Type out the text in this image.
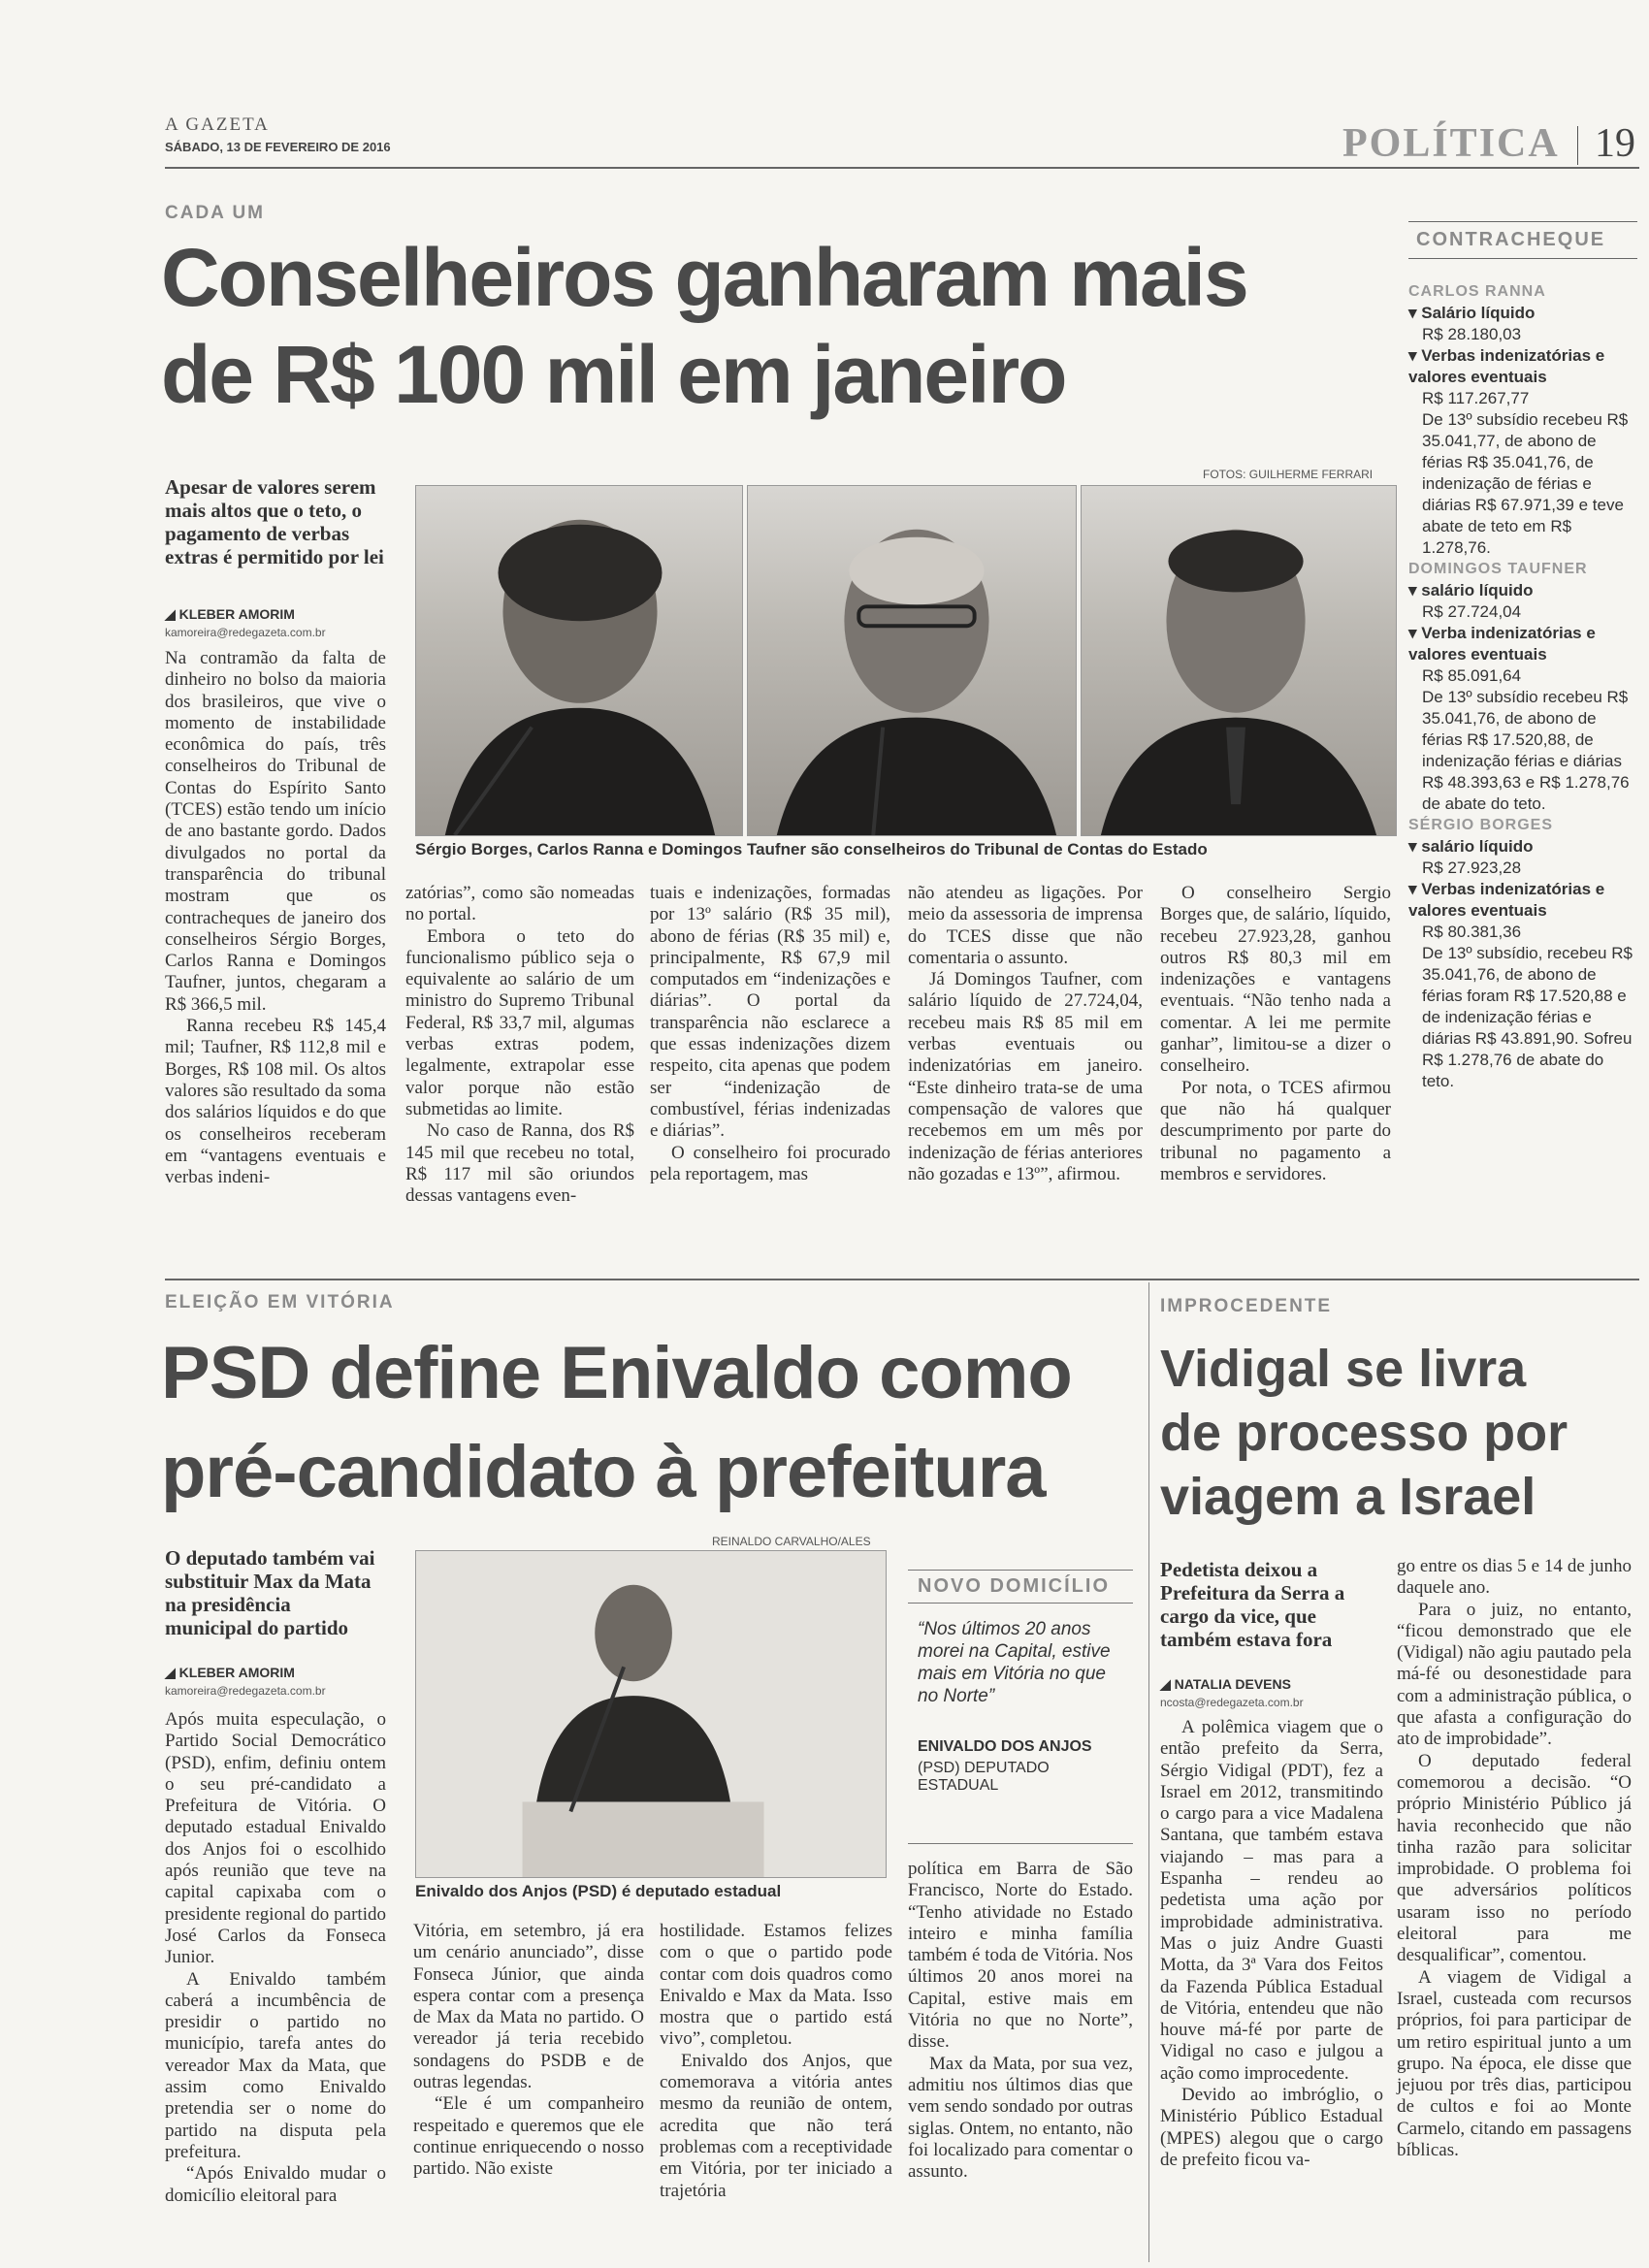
A GAZETA
SÁBADO, 13 DE FEVEREIRO DE 2016	POLÍTICA 19
CADA UM
Conselheiros ganharam mais
de R$ 100 mil em janeiro
Apesar de valores serem mais altos que o teto, o pagamento de verbas extras é permitido por lei
◢ KLEBER AMORIM
kamoreira@redegazeta.com.br
FOTOS: GUILHERME FERRARI
Sérgio Borges, Carlos Ranna e Domingos Taufner são conselheiros do Tribunal de Contas do Estado

Na contramão da falta de dinheiro no bolso da maioria dos brasileiros, que vive o momento de instabilidade econômica do país, três conselheiros do Tribunal de Contas do Espírito Santo (TCES) estão tendo um início de ano bastante gordo. Dados divulgados no portal da transparência do tribunal mostram que os contracheques de janeiro dos conselheiros Sérgio Borges, Carlos Ranna e Domingos Taufner, juntos, chegaram a R$ 366,5 mil.

Ranna recebeu R$ 145,4 mil; Taufner, R$ 112,8 mil e Borges, R$ 108 mil. Os altos valores são resultado da soma dos salários líquidos e do que os conselheiros receberam em “vantagens eventuais e verbas indeni-

zatórias”, como são nomeadas no portal.

Embora o teto do funcionalismo público seja o equivalente ao salário de um ministro do Supremo Tribunal Federal, R$ 33,7 mil, algumas verbas extras podem, legalmente, extrapolar esse valor porque não estão submetidas ao limite.

No caso de Ranna, dos R$ 145 mil que recebeu no total, R$ 117 mil são oriundos dessas vantagens even-

tuais e indenizações, formadas por 13º salário (R$ 35 mil), abono de férias (R$ 35 mil) e, principalmente, R$ 67,9 mil computados em “indenizações e diárias”. O portal da transparência não esclarece a que essas indenizações dizem respeito, cita apenas que podem ser “indenização de combustível, férias indenizadas e diárias”.

O conselheiro foi procurado pela reportagem, mas

não atendeu as ligações. Por meio da assessoria de imprensa do TCES disse que não comentaria o assunto.

Já Domingos Taufner, com salário líquido de 27.724,04, recebeu mais R$ 85 mil em verbas eventuais ou indenizatórias em janeiro. “Este dinheiro trata-se de uma compensação de valores que recebemos em um mês por indenização de férias anteriores não gozadas e 13º”, afirmou.

O conselheiro Sergio Borges que, de salário, líquido, recebeu 27.923,28, ganhou outros R$ 80,3 mil em indenizações e vantagens eventuais. “Não tenho nada a comentar. A lei me permite ganhar”, limitou-se a dizer o conselheiro.

Por nota, o TCES afirmou que não há qualquer descumprimento por parte do tribunal no pagamento a membros e servidores.

CONTRACHEQUE
CARLOS RANNA
▾ Salário líquido
R$ 28.180,03
▾ Verbas indenizatórias e valores eventuais
R$ 117.267,77
De 13º subsídio recebeu R$ 35.041,77, de abono de férias R$ 35.041,76, de indenização de férias e diárias R$ 67.971,39 e teve abate de teto em R$ 1.278,76.
DOMINGOS TAUFNER
▾ salário líquido
R$ 27.724,04
▾ Verba indenizatórias e valores eventuais
R$ 85.091,64
De 13º subsídio recebeu R$ 35.041,76, de abono de férias R$ 17.520,88, de indenização férias e diárias R$ 48.393,63 e R$ 1.278,76 de abate do teto.
SÉRGIO BORGES
▾ salário líquido
R$ 27.923,28
▾ Verbas indenizatórias e valores eventuais
R$ 80.381,36
De 13º subsídio, recebeu R$ 35.041,76, de abono de férias foram R$ 17.520,88 e de indenização férias e diárias R$ 43.891,90. Sofreu R$ 1.278,76 de abate do teto.
ELEIÇÃO EM VITÓRIA
PSD define Enivaldo como
pré-candidato à prefeitura
O deputado também vai substituir Max da Mata na presidência municipal do partido
◢ KLEBER AMORIM
kamoreira@redegazeta.com.br
REINALDO CARVALHO/ALES
Enivaldo dos Anjos (PSD) é deputado estadual
NOVO DOMICÍLIO
“Nos últimos 20 anos morei na Capital, estive mais em Vitória no que no Norte”
ENIVALDO DOS ANJOS
(PSD) DEPUTADO ESTADUAL

Após muita especulação, o Partido Social Democrático (PSD), enfim, definiu ontem o seu pré-candidato a Prefeitura de Vitória. O deputado estadual Enivaldo dos Anjos foi o escolhido após reunião que teve na capital capixaba com o presidente regional do partido José Carlos da Fonseca Junior.

A Enivaldo também caberá a incumbência de presidir o partido no município, tarefa antes do vereador Max da Mata, que assim como Enivaldo pretendia ser o nome do partido na disputa pela prefeitura.

“Após Enivaldo mudar o domicílio eleitoral para

Vitória, em setembro, já era um cenário anunciado”, disse Fonseca Júnior, que ainda espera contar com a presença de Max da Mata no partido. O vereador já teria recebido sondagens do PSDB e de outras legendas.

“Ele é um companheiro respeitado e queremos que ele continue enriquecendo o nosso partido. Não existe

hostilidade. Estamos felizes com o que o partido pode contar com dois quadros como Enivaldo e Max da Mata. Isso mostra que o partido está vivo”, completou.

Enivaldo dos Anjos, que comemorava a vitória antes mesmo da reunião de ontem, acredita que não terá problemas com a receptividade em Vitória, por ter iniciado a trajetória

política em Barra de São Francisco, Norte do Estado. “Tenho atividade no Estado inteiro e minha família também é toda de Vitória. Nos últimos 20 anos morei na Capital, estive mais em Vitória no que no Norte”, disse.

Max da Mata, por sua vez, admitiu nos últimos dias que vem sendo sondado por outras siglas. Ontem, no entanto, não foi localizado para comentar o assunto.

IMPROCEDENTE
Vidigal se livra
de processo por
viagem a Israel
Pedetista deixou a Prefeitura da Serra a cargo da vice, que também estava fora
◢ NATALIA DEVENS
ncosta@redegazeta.com.br

A polêmica viagem que o então prefeito da Serra, Sérgio Vidigal (PDT), fez a Israel em 2012, transmitindo o cargo para a vice Madalena Santana, que também estava viajando – mas para a Espanha – rendeu ao pedetista uma ação por improbidade administrativa. Mas o juiz Andre Guasti Motta, da 3ª Vara dos Feitos da Fazenda Pública Estadual de Vitória, entendeu que não houve má-fé por parte de Vidigal no caso e julgou a ação como improcedente.

Devido ao imbróglio, o Ministério Público Estadual (MPES) alegou que o cargo de prefeito ficou va-

go entre os dias 5 e 14 de junho daquele ano.

Para o juiz, no entanto, “ficou demonstrado que ele (Vidigal) não agiu pautado pela má-fé ou desonestidade para com a administração pública, o que afasta a configuração do ato de improbidade”.

O deputado federal comemorou a decisão. “O próprio Ministério Público já havia reconhecido que não tinha razão para solicitar improbidade. O problema foi que adversários políticos usaram isso no período eleitoral para me desqualificar”, comentou.

A viagem de Vidigal a Israel, custeada com recursos próprios, foi para participar de um retiro espiritual junto a um grupo. Na época, ele disse que jejuou por três dias, participou de cultos e foi ao Monte Carmelo, citando em passagens bíblicas.
